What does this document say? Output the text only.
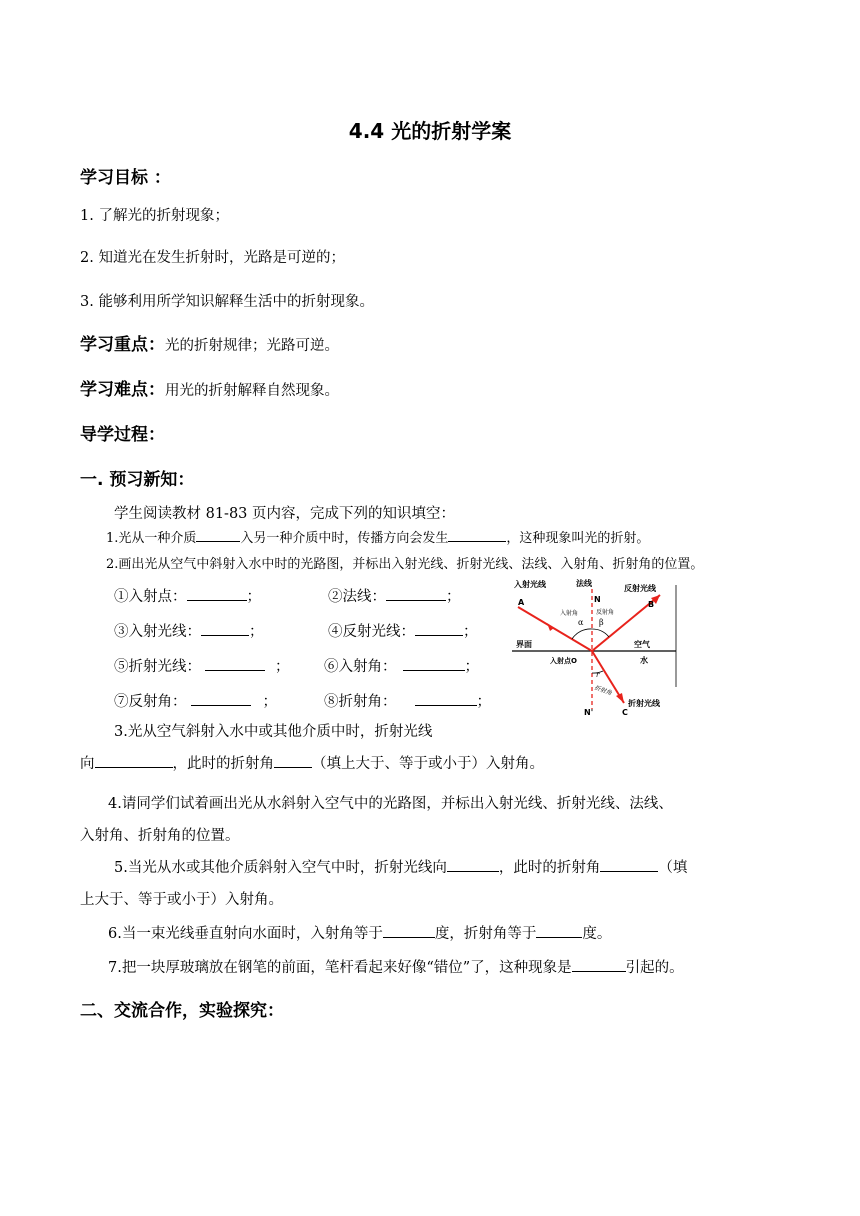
4.4 光的折射学案
学习目标 ：
1. 了解光的折射现象；
2. 知道光在发生折射时，光路是可逆的；
3. 能够利用所学知识解释生活中的折射现象。
学习重点：光的折射规律；光路可逆。
学习难点：用光的折射解释自然现象。
导学过程：
一. 预习新知：
学生阅读教材 81-83 页内容，完成下列的知识填空：
1.光从一种介质	入另一种介质中时，传播方向会发生	，这种现象叫光的折射。
2.画出光从空气中斜射入水中时的光路图，并标出入射光线、折射光线、法线、入射角、折射角的位置。
①入射点：	；	②法线：	；
③入射光线：	；	④反射光线：	；
⑤折射光线：	； ⑥入射角：	；
⑦反射角：	；	⑧折射角：	；
入射光线	法线
反射光线
A	N
B
入射角	反射角
α β
界面	空气
水
入射点O
r
折射角
N'	C
折射光线
3.光从空气斜射入水中或其他介质中时，折射光线
向	，此时的折射角	（填上大于、等于或小于）入射角。
4.请同学们试着画出光从水斜射入空气中的光路图，并标出入射光线、折射光线、法线、
入射角、折射角的位置。
5.当光从水或其他介质斜射入空气中时，折射光线向	，此时的折射角	（填
上大于、等于或小于）入射角。
6.当一束光线垂直射向水面时，入射角等于	度，折射角等于	度。
7.把一块厚玻璃放在钢笔的前面，笔杆看起来好像“错位”了，这种现象是	引起的。
二、交流合作，实验探究：
